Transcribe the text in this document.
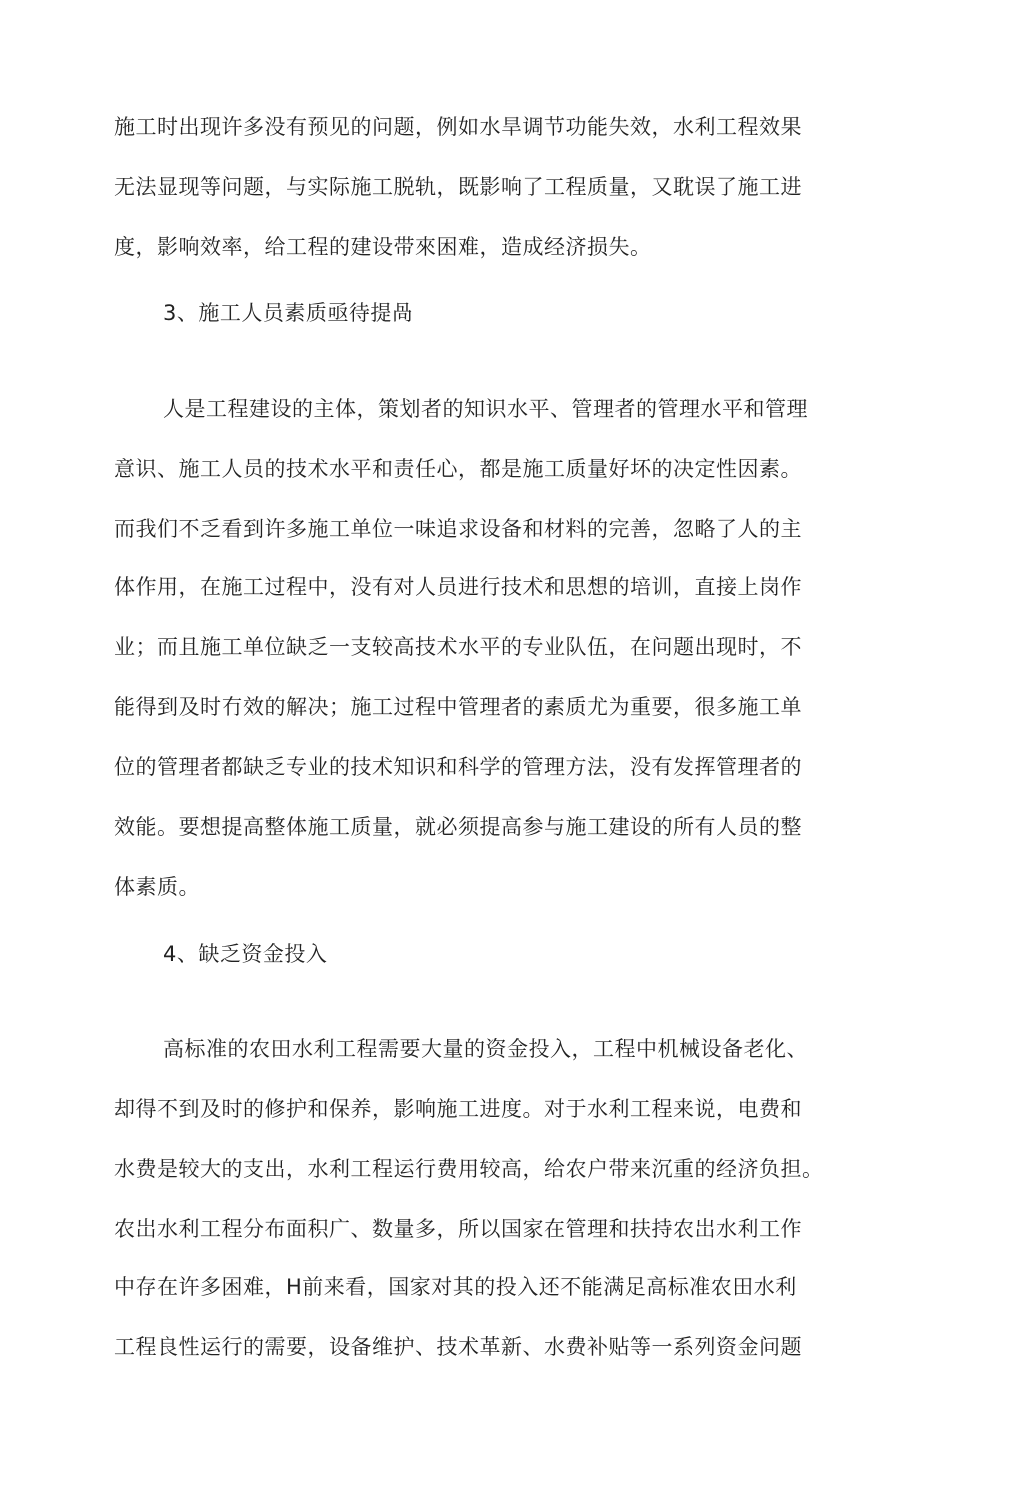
施工时出现许多没有预见的问题，例如水旱调节功能失效，水利工程效果
无法显现等问题，与实际施工脱轨，既影响了工程质量，又耽误了施工进
度，影响效率，给工程的建设带來困难，造成经济损失。
3、施工人员素质亟待提咼
人是工程建设的主体，策划者的知识水平、管理者的管理水平和管理
意识、施工人员的技术水平和责任心，都是施工质量好坏的决定性因素。
而我们不乏看到许多施工单位一味追求设备和材料的完善，忽略了人的主
体作用，在施工过程中，没有对人员进行技术和思想的培训，直接上岗作
业；而且施工单位缺乏一支较高技术水平的专业队伍，在问题出现时，不
能得到及时冇效的解决；施工过程中管理者的素质尤为重要，很多施工单
位的管理者都缺乏专业的技术知识和科学的管理方法，没有发挥管理者的
效能。要想提高整体施工质量，就必须提高参与施工建设的所有人员的整
体素质。
4、缺乏资金投入
高标准的农田水利工程需要大量的资金投入，工程中机械设备老化、
却得不到及时的修护和保养，影响施工进度。对于水利工程来说，电费和
水费是较大的支出，水利工程运行费用较高，给农户带来沉重的经济负担。
农岀水利工程分布面积广、数量多，所以国家在管理和扶持农岀水利工作
中存在许多困难，H前来看，国家对其的投入还不能满足高标准农田水利
工程良性运行的需要，设备维护、技术革新、水费补贴等一系列资金问题
